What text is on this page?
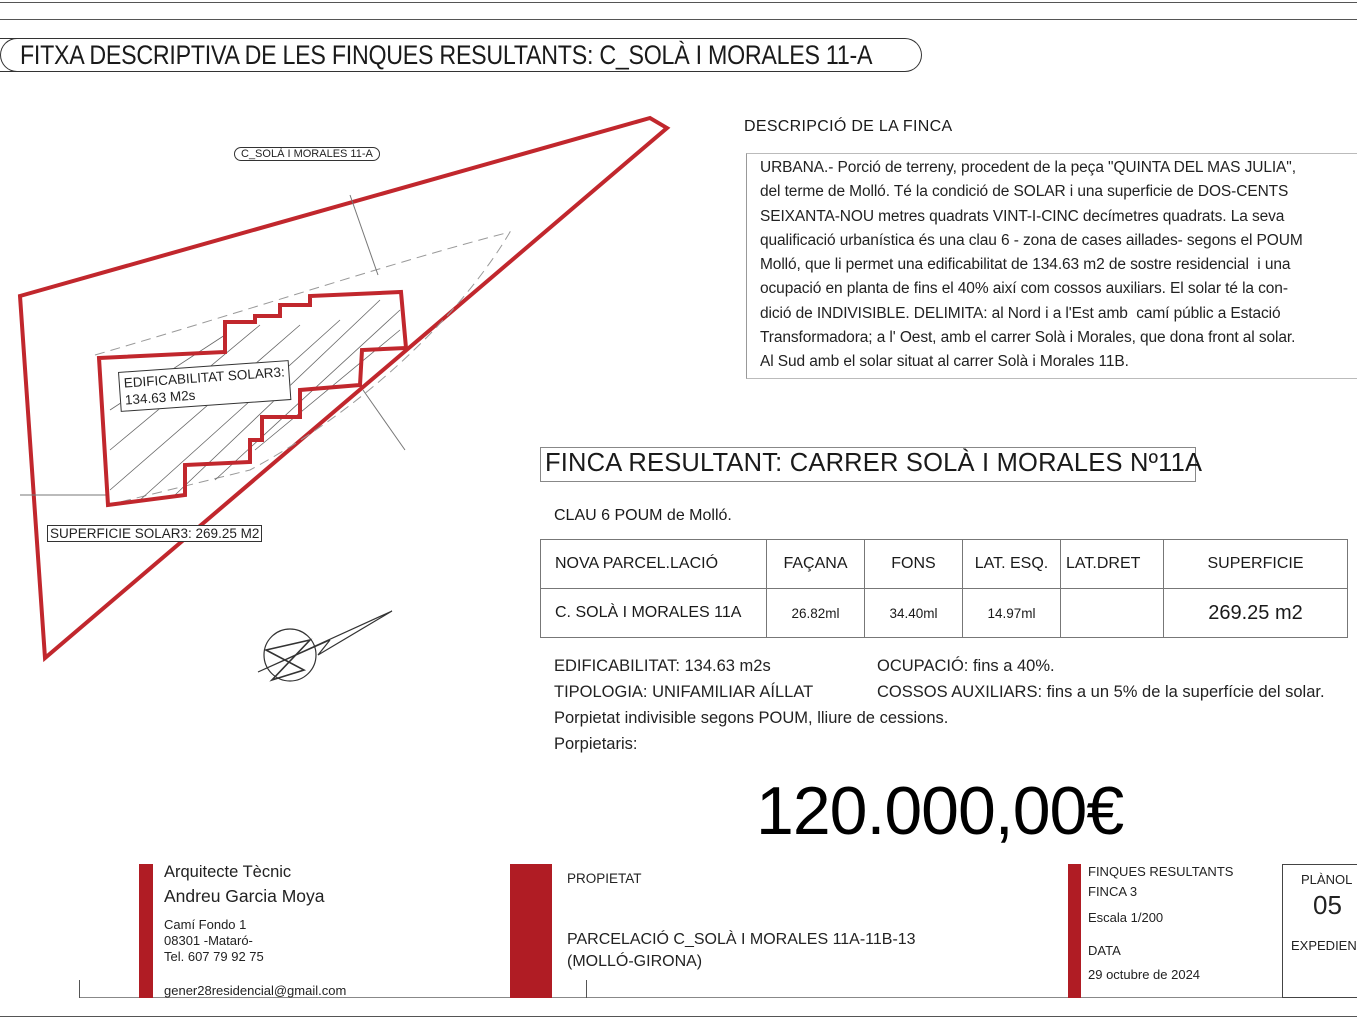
FITXA DESCRIPTIVA DE LES FINQUES RESULTANTS: C_SOLÀ I MORALES 11-A
C_SOLÀ I MORALES 11-A
EDIFICABILITAT SOLAR3:
134.63 M2s
SUPERFICIE SOLAR3: 269.25 M2
DESCRIPCIÓ DE LA FINCA
URBANA.- Porció de terreny, procedent de la peça "QUINTA DEL MAS JULIA",
del terme de Molló. Té la condició de SOLAR i una superficie de DOS-CENTS
SEIXANTA-NOU metres quadrats VINT-I-CINC decímetres quadrats. La seva
qualificació urbanística és una clau 6 - zona de cases aillades- segons el POUM
Molló, que li permet una edificabilitat de 134.63 m2 de sostre residencial  i una
ocupació en planta de fins el 40% així com cossos auxiliars. El solar té la con-
dició de INDIVISIBLE. DELIMITA: al Nord i a l'Est amb  camí públic a Estació
Transformadora; a l' Oest, amb el carrer Solà i Morales, que dona front al solar.
Al Sud amb el solar situat al carrer Solà i Morales 11B.
FINCA RESULTANT: CARRER SOLÀ I MORALES Nº11A
CLAU 6 POUM de Molló.
NOVA PARCEL.LACIÓ	FAÇANA	FONS	LAT. ESQ.	LAT.DRET	SUPERFICIE
C. SOLÀ I MORALES 11A	26.82ml	34.40ml	14.97ml		269.25 m2
EDIFICABILITAT: 134.63 m2s	OCUPACIÓ: fins a 40%.
TIPOLOGIA: UNIFAMILIAR AÍLLAT	COSSOS AUXILIARS: fins a un 5% de la superfície del solar.
Porpietat indivisible segons POUM, lliure de cessions.
Porpietaris:
120.000,00€
Arquitecte Tècnic
Andreu Garcia Moya
Camí Fondo 1
08301 -Mataró-
Tel. 607 79 92 75
gener28residencial@gmail.com
PROPIETAT
PARCELACIÓ C_SOLÀ I MORALES 11A-11B-13
(MOLLÓ-GIRONA)
FINQUES RESULTANTS
FINCA 3
Escala 1/200
DATA
29 octubre de 2024
PLÀNOL
05
EXPEDIEN
